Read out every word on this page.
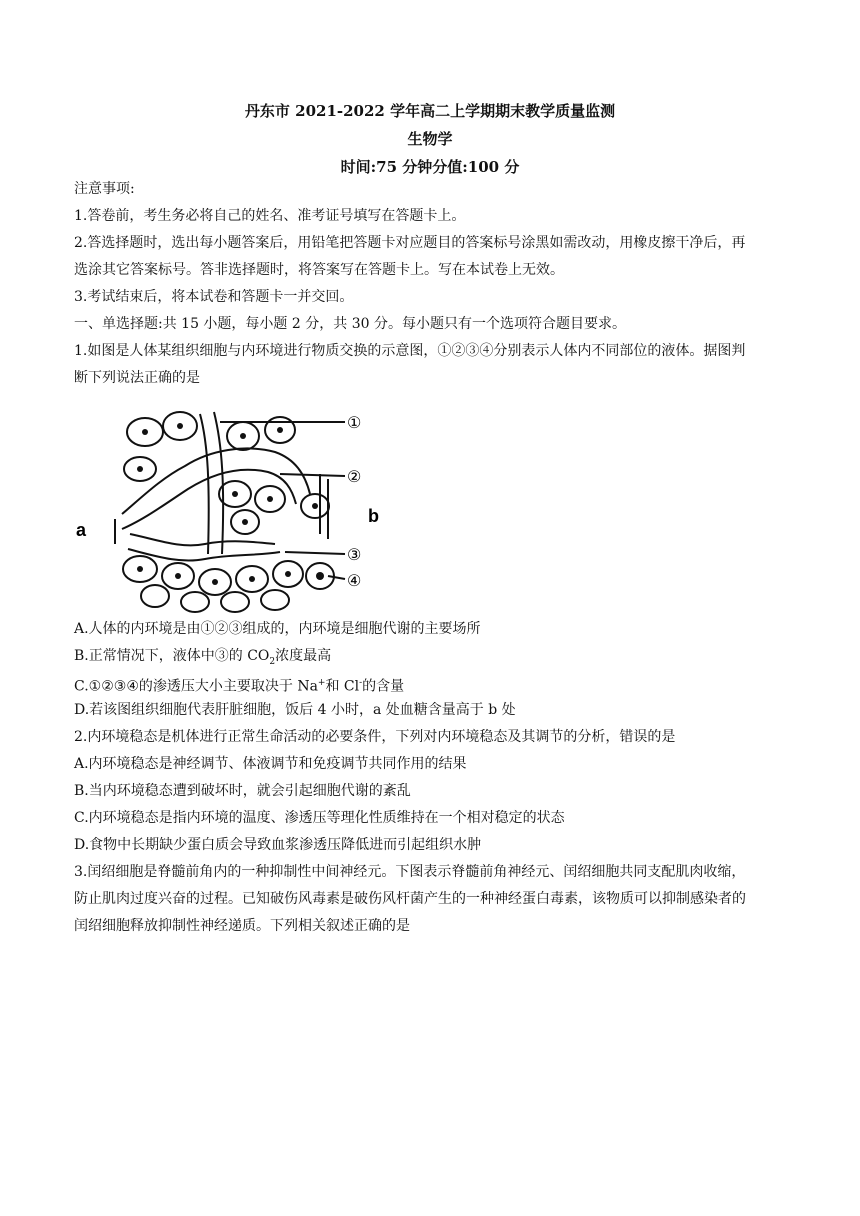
丹东市 2021-2022 学年高二上学期期末教学质量监测
生物学
时间:75 分钟分值:100 分
注意事项:
1.答卷前，考生务必将自己的姓名、准考证号填写在答题卡上。
2.答选择题时，选出每小题答案后，用铅笔把答题卡对应题目的答案标号涂黑如需改动，用橡皮擦干净后，再
选涂其它答案标号。答非选择题时，将答案写在答题卡上。写在本试卷上无效。
3.考试结束后，将本试卷和答题卡一并交回。
一、单选择题:共 15 小题，每小题 2 分，共 30 分。每小题只有一个选项符合题目要求。
1.如图是人体某组织细胞与内环境进行物质交换的示意图，①②③④分别表示人体内不同部位的液体。据图判
断下列说法正确的是
a
b
①
②
③
④
A.人体的内环境是由①②③组成的，内环境是细胞代谢的主要场所
B.正常情况下，液体中③的 $CO_2$浓度最高
C.①②③④的渗透压大小主要取决于 Na+和 Cl-的含量
D.若该图组织细胞代表肝脏细胞，饭后 4 小时，a 处血糖含量高于 b 处
2.内环境稳态是机体进行正常生命活动的必要条件，下列对内环境稳态及其调节的分析，错误的是
A.内环境稳态是神经调节、体液调节和免疫调节共同作用的结果
B.当内环境稳态遭到破坏时，就会引起细胞代谢的紊乱
C.内环境稳态是指内环境的温度、渗透压等理化性质维持在一个相对稳定的状态
D.食物中长期缺少蛋白质会导致血浆渗透压降低进而引起组织水肿
3.闰绍细胞是脊髓前角内的一种抑制性中间神经元。下图表示脊髓前角神经元、闰绍细胞共同支配肌肉收缩，
防止肌肉过度兴奋的过程。已知破伤风毒素是破伤风杆菌产生的一种神经蛋白毒素，该物质可以抑制感染者的
闰绍细胞释放抑制性神经递质。下列相关叙述正确的是
